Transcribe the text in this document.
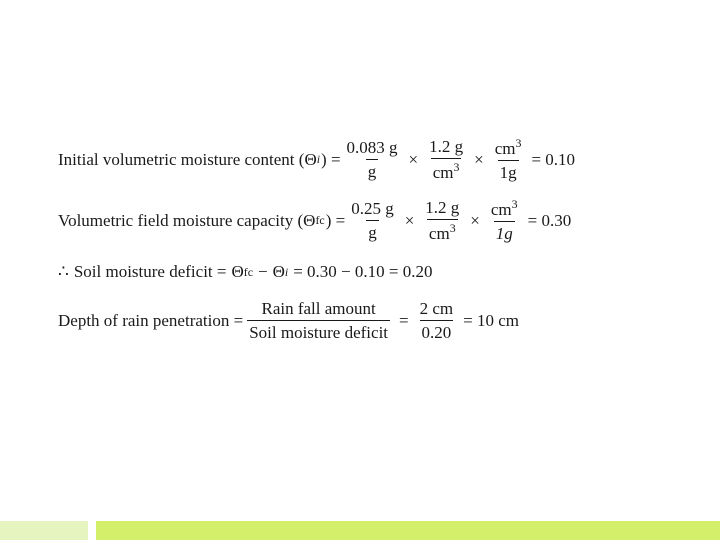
Initial volumetric moisture content ( Θ i ) = $\frac{0.083 g}{g} \times \frac{1.2 g}{cm^3} \times \frac{cm^3}{1g} = 0.10$
Volumetric field moisture capacity ( Θ fc ) = $\frac{0.25 g}{g} \times \frac{1.2 g}{cm^3} \times \frac{cm^3}{1g} = 0.30$
∴ Soil moisture deficit = Θ fc − Θ i = 0.30 − 0.10 = 0.20
Depth of rain penetration = $\frac{\text{Rain fall amount}}{\text{Soil moisture deficit}} = \frac{2 cm}{0.20} = 10$ cm
